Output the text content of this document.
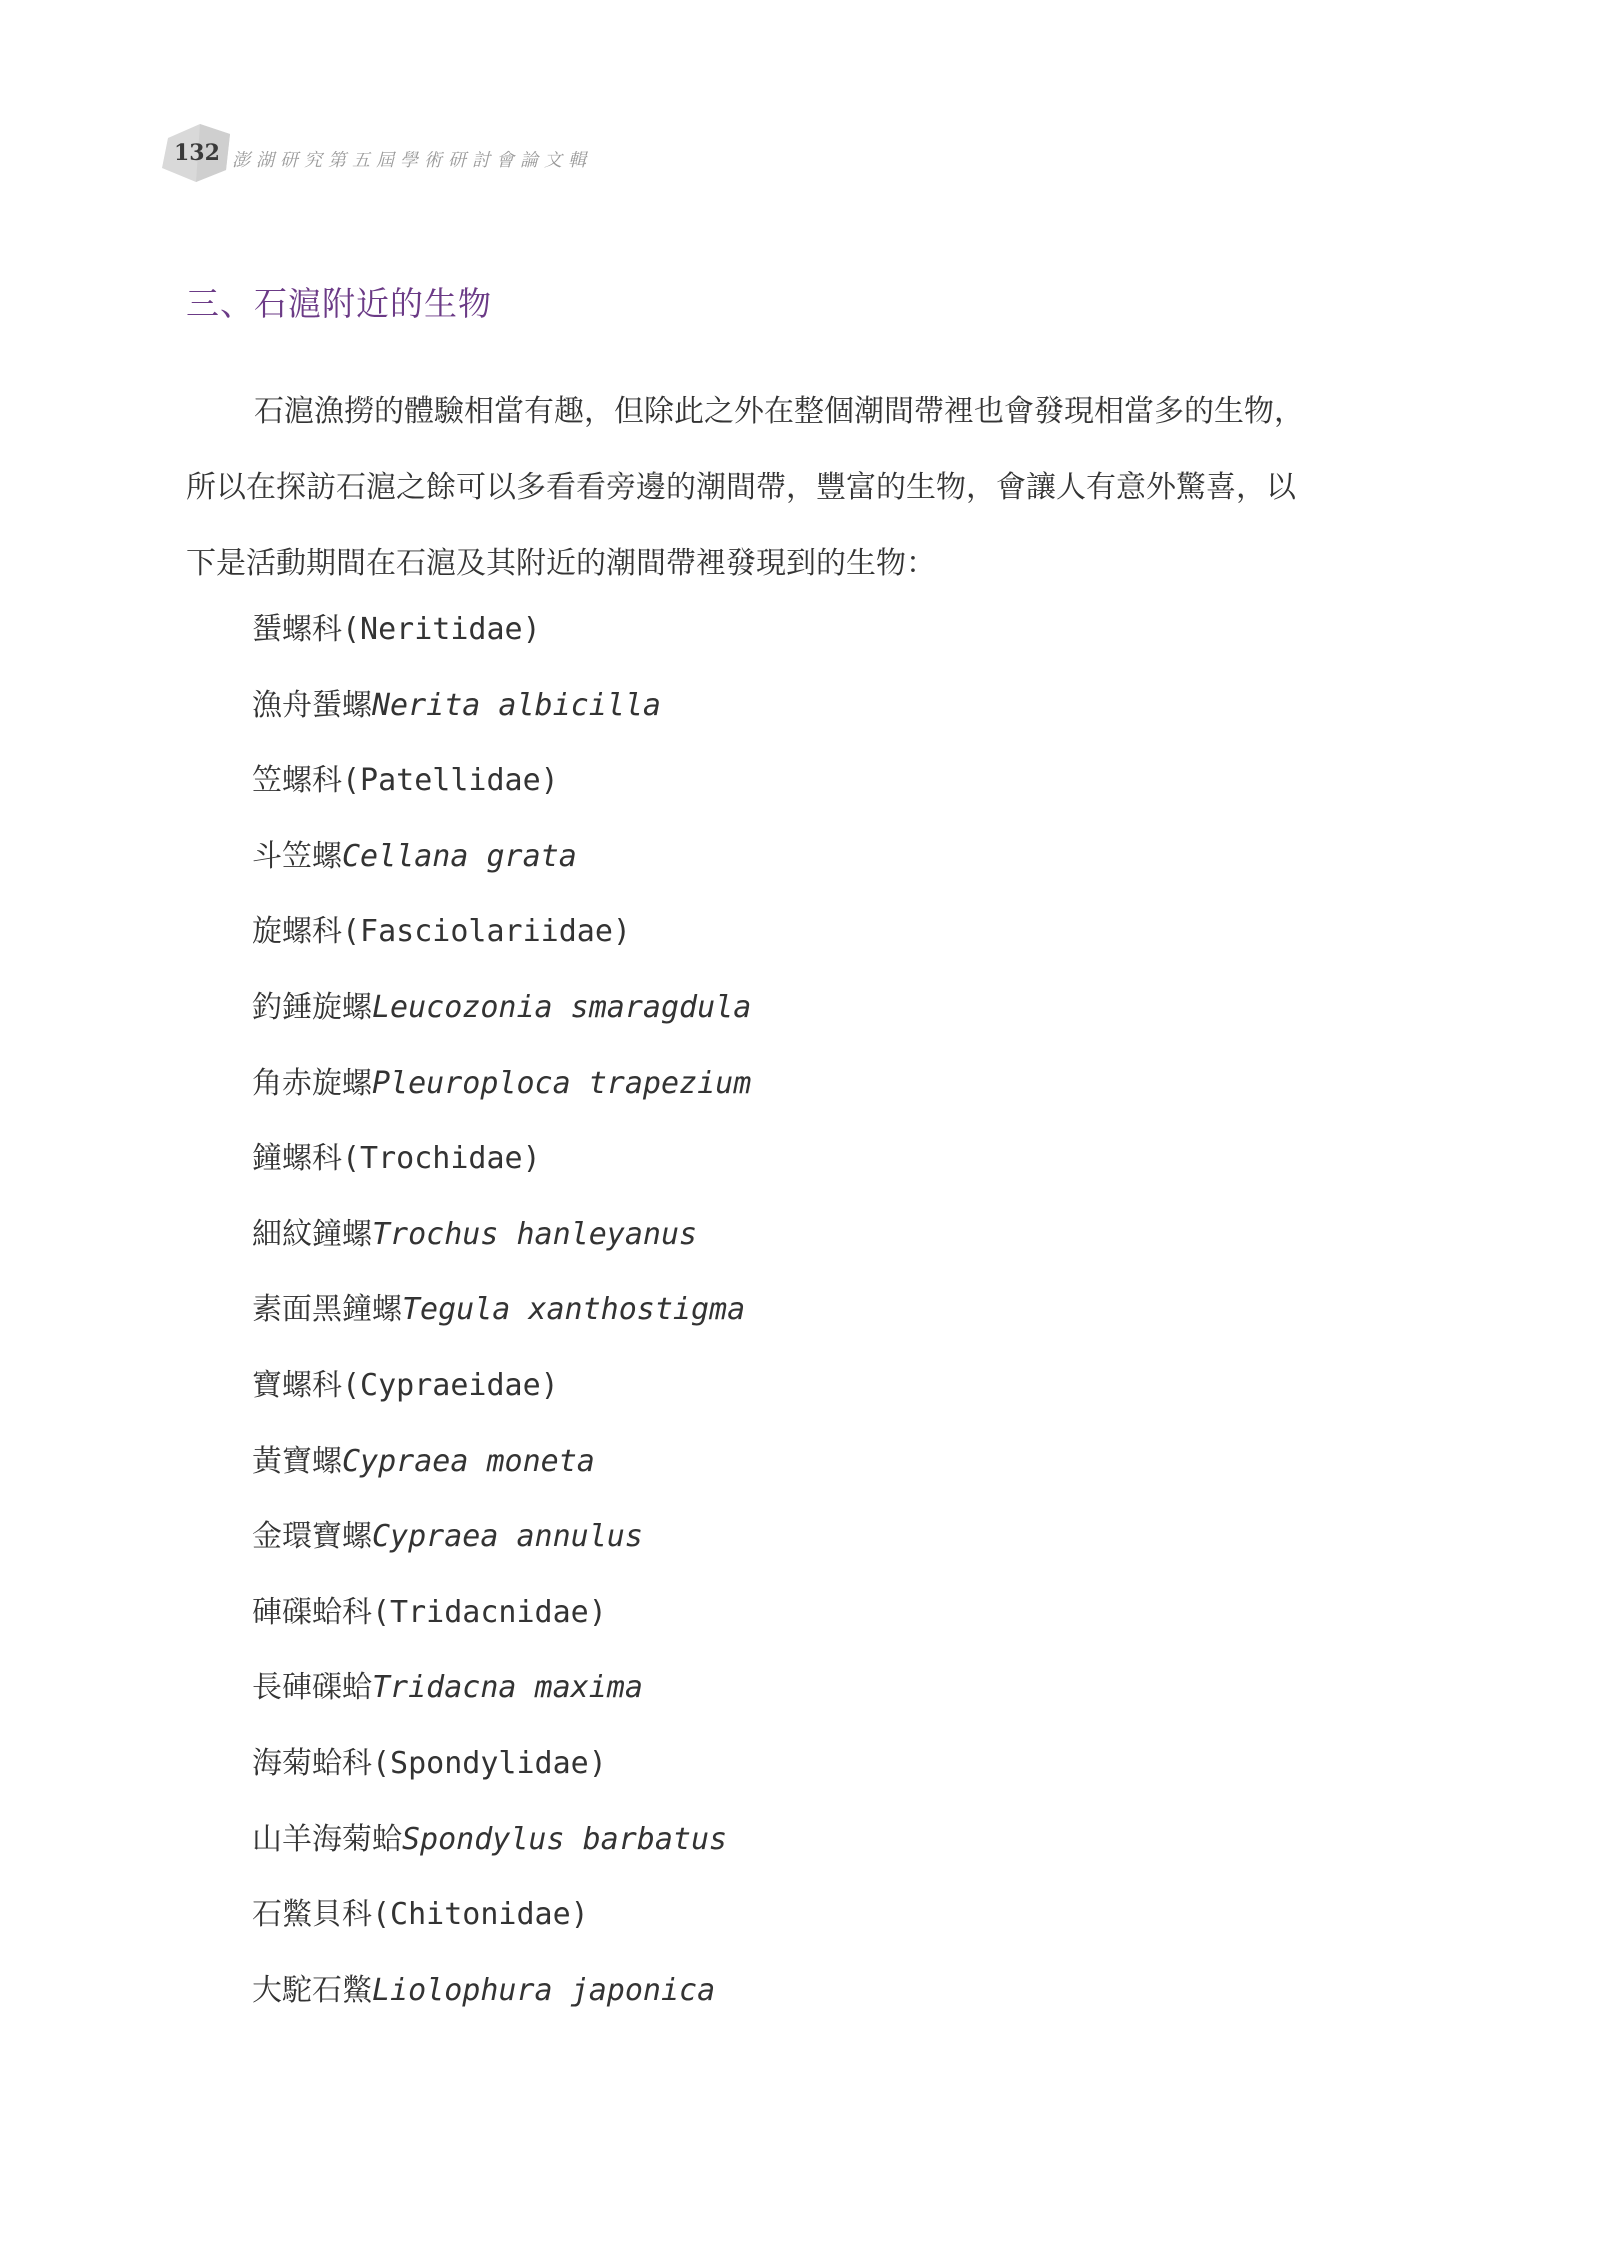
132 澎湖研究第五屆學術研討會論文輯
三、石滬附近的生物
石滬漁撈的體驗相當有趣，但除此之外在整個潮間帶裡也會發現相當多的生物，
所以在探訪石滬之餘可以多看看旁邊的潮間帶，豐富的生物，會讓人有意外驚喜，以
下是活動期間在石滬及其附近的潮間帶裡發現到的生物：
蜑螺科(Neritidae)
漁舟蜑螺Nerita albicilla
笠螺科(Patellidae)
斗笠螺Cellana grata
旋螺科(Fasciolariidae)
釣錘旋螺Leucozonia smaragdula
角赤旋螺Pleuroploca trapezium
鐘螺科(Trochidae)
細紋鐘螺Trochus hanleyanus
素面黑鐘螺Tegula xanthostigma
寶螺科(Cypraeidae)
黃寶螺Cypraea moneta
金環寶螺Cypraea annulus
硨磲蛤科(Tridacnidae)
長硨磲蛤Tridacna maxima
海菊蛤科(Spondylidae)
山羊海菊蛤Spondylus barbatus
石鱉貝科(Chitonidae)
大駝石鱉Liolophura japonica
